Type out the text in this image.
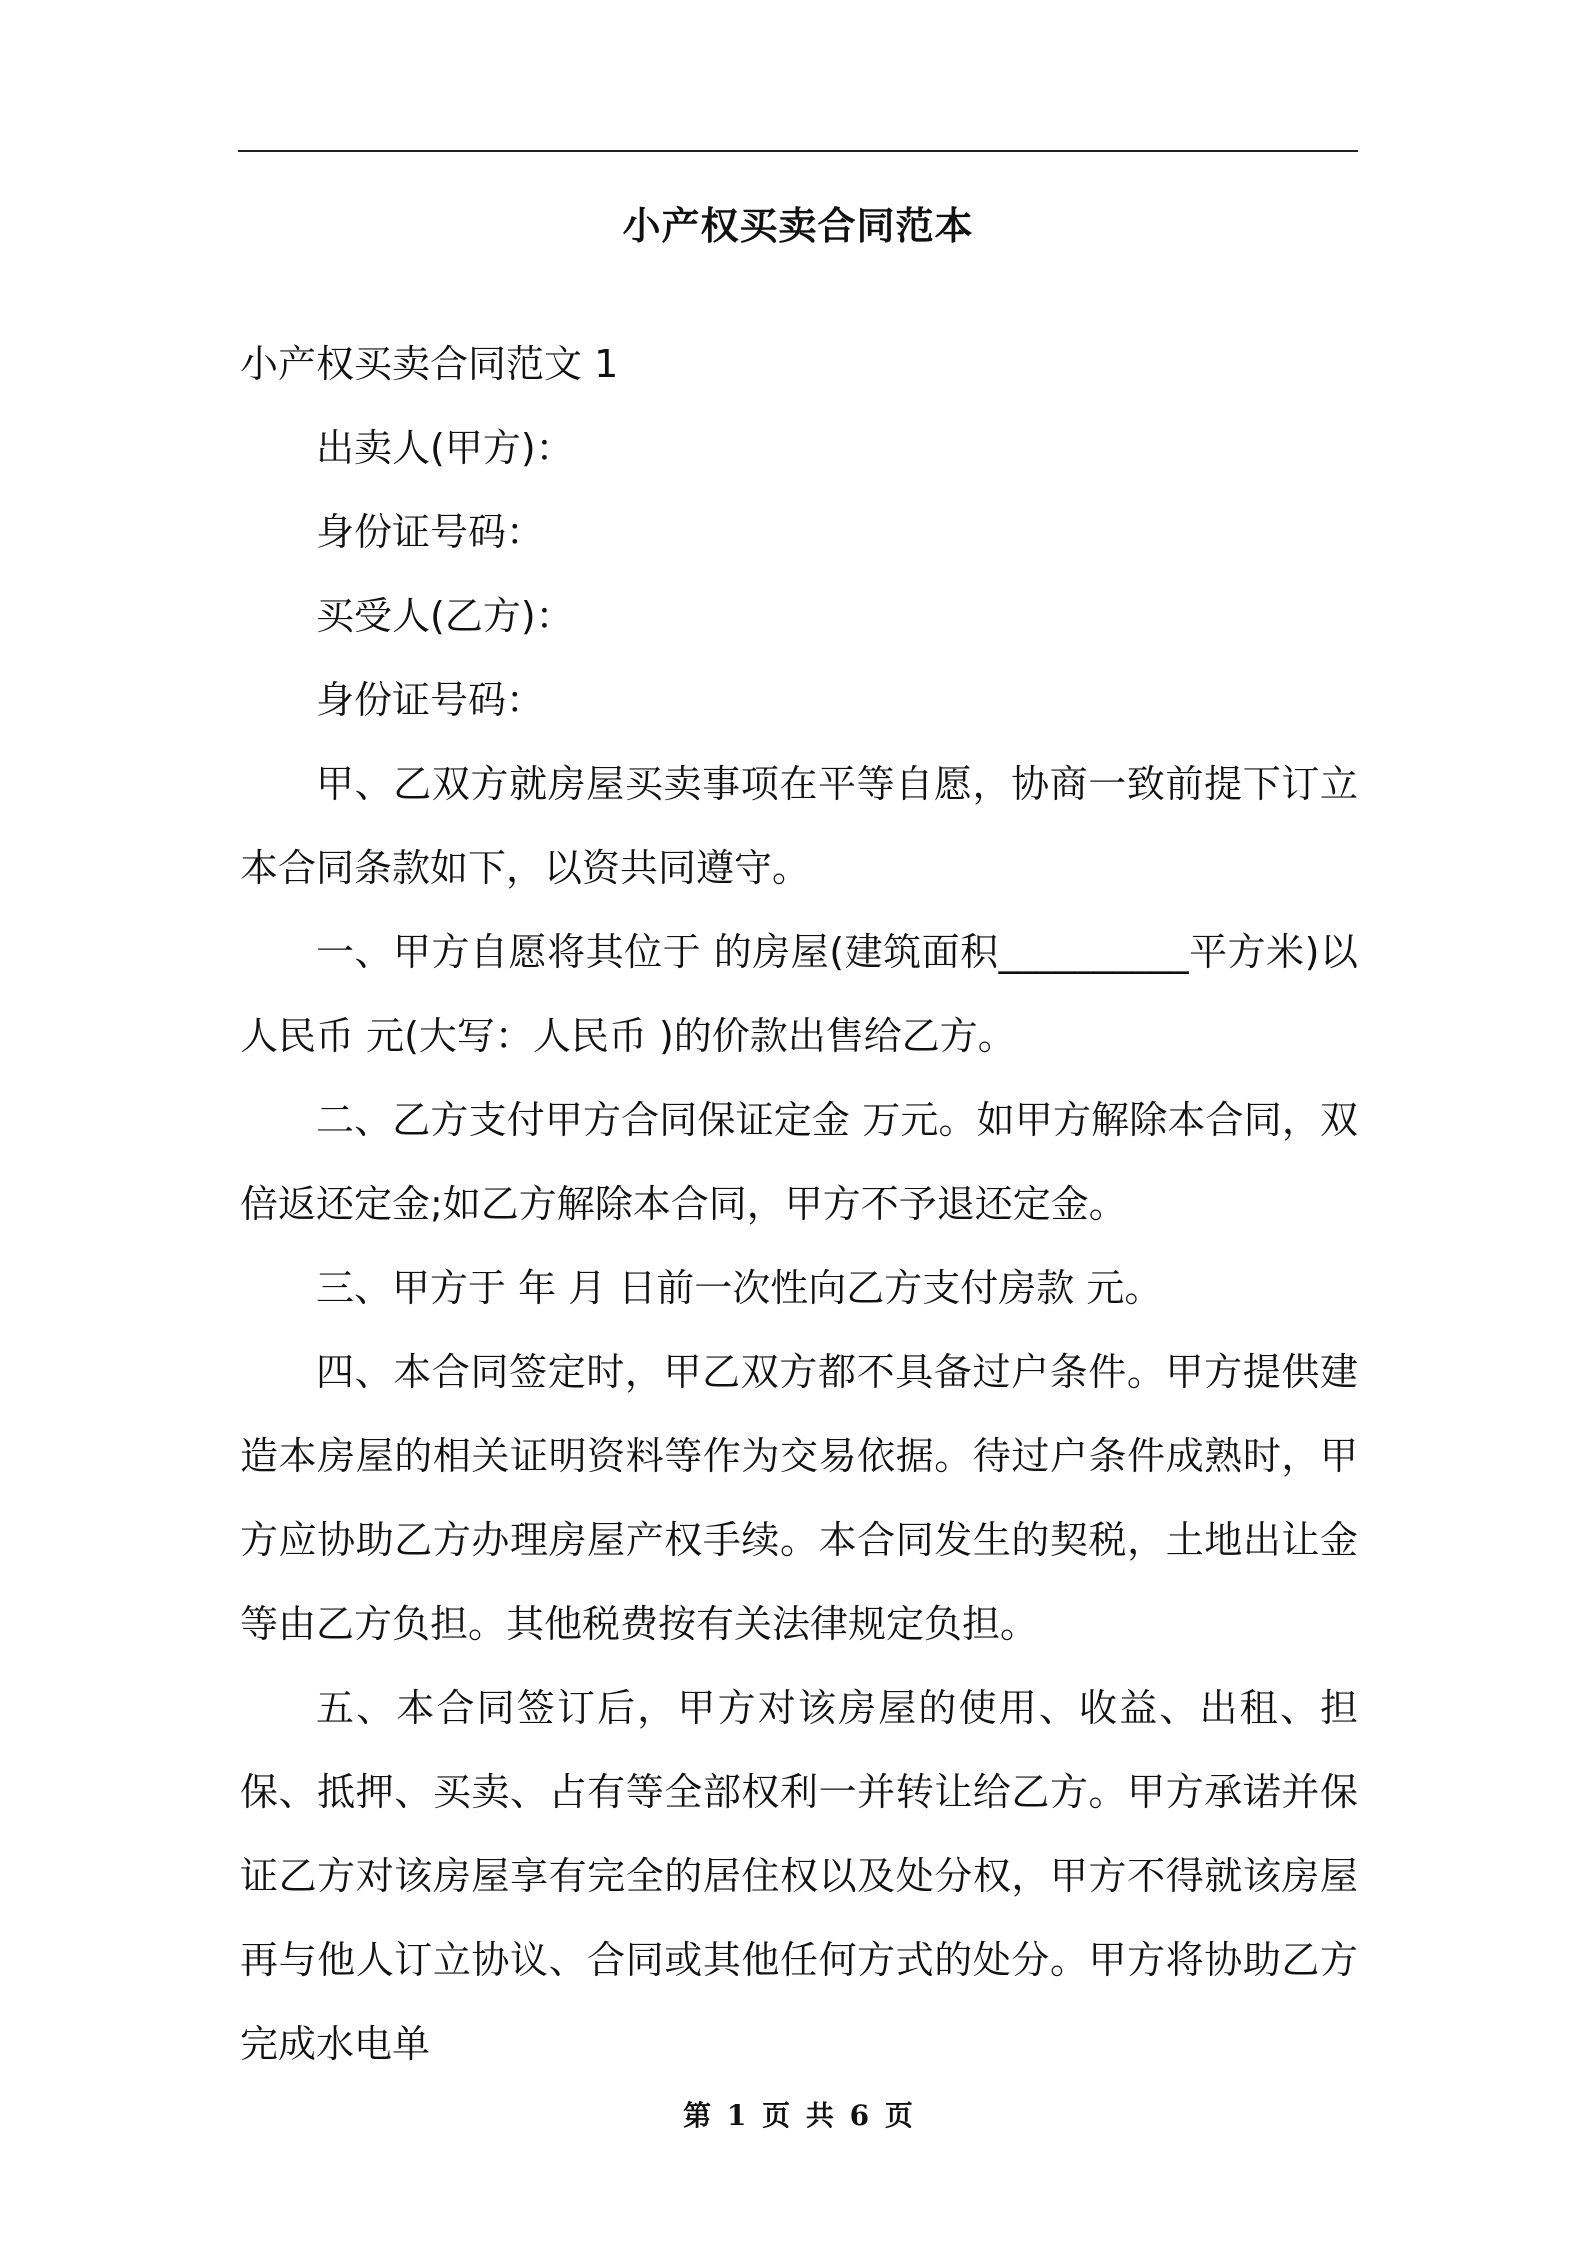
小产权买卖合同范本

小产权买卖合同范文 1

出卖人(甲方)：

身份证号码：

买受人(乙方)：

身份证号码：

甲、乙双方就房屋买卖事项在平等自愿，协商一致前提下订立本合同条款如下，以资共同遵守。

一、甲方自愿将其位于 的房屋(建筑面积__________平方米)以人民币 元(大写：人民币 )的价款出售给乙方。

二、乙方支付甲方合同保证定金 万元。如甲方解除本合同，双倍返还定金;如乙方解除本合同，甲方不予退还定金。

三、甲方于 年 月 日前一次性向乙方支付房款 元。

四、本合同签定时，甲乙双方都不具备过户条件。甲方提供建造本房屋的相关证明资料等作为交易依据。待过户条件成熟时，甲方应协助乙方办理房屋产权手续。本合同发生的契税，土地出让金等由乙方负担。其他税费按有关法律规定负担。

五、本合同签订后，甲方对该房屋的使用、收益、出租、担保、抵押、买卖、占有等全部权利一并转让给乙方。甲方承诺并保证乙方对该房屋享有完全的居住权以及处分权，甲方不得就该房屋再与他人订立协议、合同或其他任何方式的处分。甲方将协助乙方完成水电单

第 1 页 共 6 页
